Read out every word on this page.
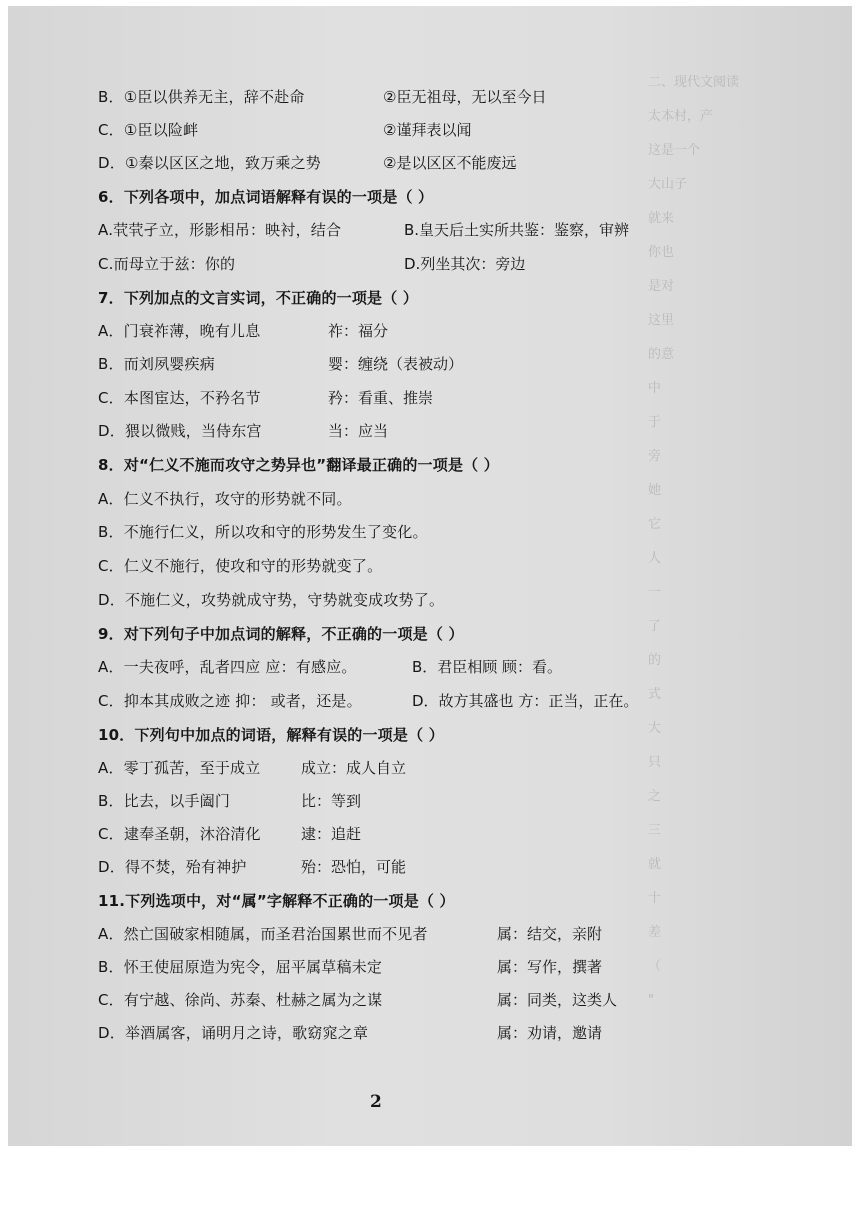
二、现代文阅读
太本村，产
这是一个
大山子
就来
你也
是对
这里
的意
中
于
旁
她
它
人
一
了
的
式
大
只
之
三
就
十
差
（
"
B．①臣以供养无主，辞不赴命	②臣无祖母，无以至今日
C．①臣以险衅	②谨拜表以闻
D．①秦以区区之地，致万乘之势	②是以区区不能废远
6．下列各项中，加点词语解释有误的一项是（ ）
A.茕茕孑立，形影相吊：映衬，结合	B.皇天后土实所共鉴：鉴察，审辨
C.而母立于兹：你的	D.列坐其次：旁边
7．下列加点的文言实词，不正确的一项是（ ）
A．门衰祚薄，晚有儿息	祚：福分
B．而刘夙婴疾病	婴：缠绕（表被动）
C．本图宦达，不矜名节	矜：看重、推崇
D．猥以微贱，当侍东宫	当：应当
8．对“仁义不施而攻守之势异也”翻译最正确的一项是（ ）
A．仁义不执行，攻守的形势就不同。
B．不施行仁义，所以攻和守的形势发生了变化。
C．仁义不施行，使攻和守的形势就变了。
D．不施仁义，攻势就成守势，守势就变成攻势了。
9．对下列句子中加点词的解释，不正确的一项是（ ）
A．一夫夜呼，乱者四应 应：有感应。	B．君臣相顾 顾：看。
C．抑本其成败之迹 抑： 或者，还是。	D．故方其盛也 方：正当，正在。
10．下列句中加点的词语，解释有误的一项是（ ）
A．零丁孤苦，至于成立	成立：成人自立
B．比去，以手阖门	比：等到
C．逮奉圣朝，沐浴清化	逮：追赶
D．得不焚，殆有神护	殆：恐怕，可能
11.下列选项中，对“属”字解释不正确的一项是（ ）
A．然亡国破家相随属，而圣君治国累世而不见者	属：结交，亲附
B．怀王使屈原造为宪令，屈平属草稿未定	属：写作，撰著
C．有宁越、徐尚、苏秦、杜赫之属为之谋	属：同类，这类人
D．举酒属客，诵明月之诗，歌窈窕之章	属：劝请，邀请
2
